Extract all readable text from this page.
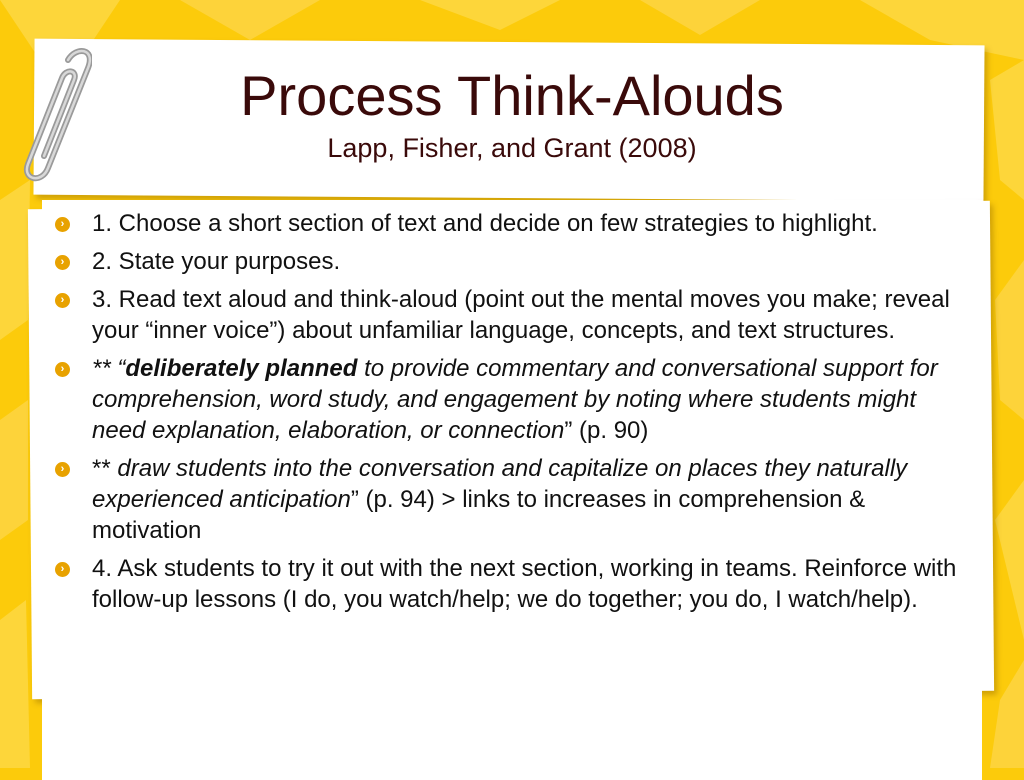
Process Think-Alouds
Lapp, Fisher, and Grant (2008)
› 1. Choose a short section of text and decide on few strategies to highlight.
› 2. State your purposes.
› 3. Read text aloud and think-aloud (point out the mental moves you make; reveal your “inner voice”) about unfamiliar language, concepts, and text structures.
› ** “deliberately planned to provide commentary and conversational support for comprehension, word study, and engagement by noting where students might need explanation, elaboration, or connection” (p. 90)
› ** draw students into the conversation and capitalize on places they naturally experienced anticipation” (p. 94) > links to increases in comprehension & motivation
› 4. Ask students to try it out with the next section, working in teams. Reinforce with follow-up lessons (I do, you watch/help; we do together; you do, I watch/help).
